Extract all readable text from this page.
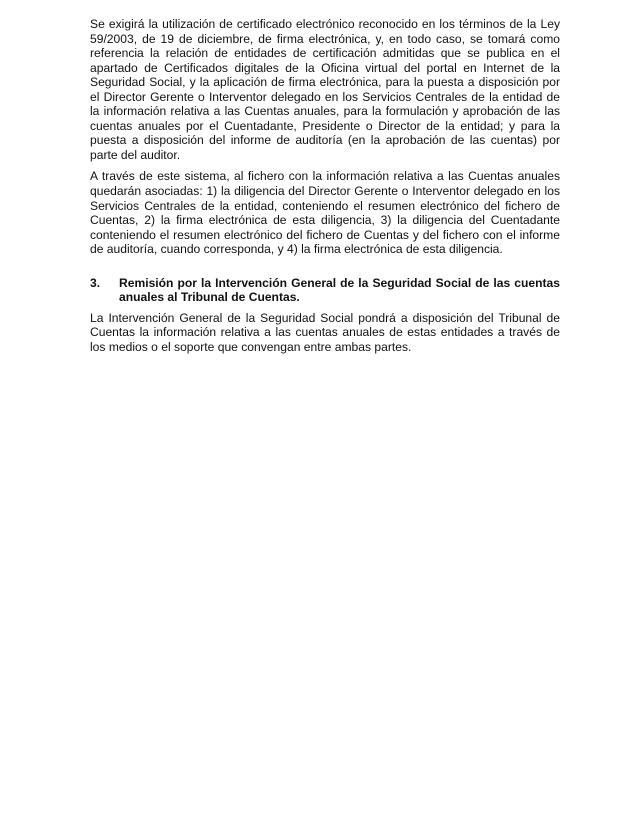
Se exigirá la utilización de certificado electrónico reconocido en los términos de la Ley 59/2003, de 19 de diciembre, de firma electrónica, y, en todo caso, se tomará como referencia la relación de entidades de certificación admitidas que se publica en el apartado de Certificados digitales de la Oficina virtual del portal en Internet de la Seguridad Social, y la aplicación de firma electrónica, para la puesta a disposición por el Director Gerente o Interventor delegado en los Servicios Centrales de la entidad de la información relativa a las Cuentas anuales, para la formulación y aprobación de las cuentas anuales por el Cuentadante, Presidente o Director de la entidad; y para la puesta a disposición del informe de auditoría (en la aprobación de las cuentas) por parte del auditor.

A través de este sistema, al fichero con la información relativa a las Cuentas anuales quedarán asociadas: 1) la diligencia del Director Gerente o Interventor delegado en los Servicios Centrales de la entidad, conteniendo el resumen electrónico del fichero de Cuentas, 2) la firma electrónica de esta diligencia, 3) la diligencia del Cuentadante conteniendo el resumen electrónico del fichero de Cuentas y del fichero con el informe de auditoría, cuando corresponda, y 4) la firma electrónica de esta diligencia.

3.	Remisión por la Intervención General de la Seguridad Social de las cuentas anuales al Tribunal de Cuentas.

La Intervención General de la Seguridad Social pondrá a disposición del Tribunal de Cuentas la información relativa a las cuentas anuales de estas entidades a través de los medios o el soporte que convengan entre ambas partes.
